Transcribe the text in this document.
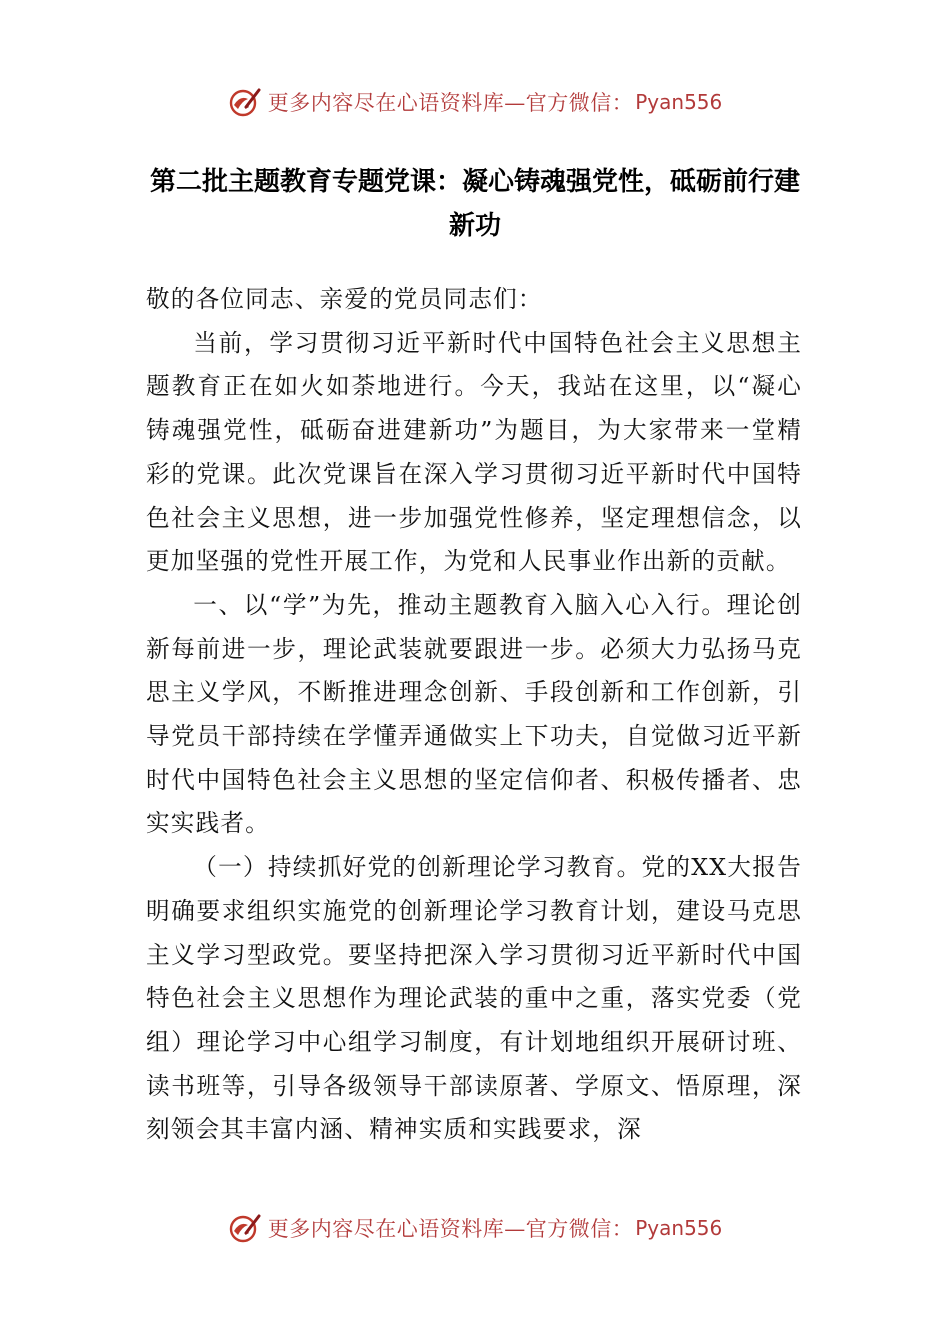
更多内容尽在心语资料库—官方微信： Pyan556
第二批主题教育专题党课：凝心铸魂强党性，砥砺前行建新功

敬的各位同志、亲爱的党员同志们：

当前，学习贯彻习近平新时代中国特色社会主义思想主题教育正在如火如荼地进行。今天，我站在这里，以“凝心铸魂强党性，砥砺奋进建新功”为题目，为大家带来一堂精彩的党课。此次党课旨在深入学习贯彻习近平新时代中国特色社会主义思想，进一步加强党性修养，坚定理想信念，以更加坚强的党性开展工作，为党和人民事业作出新的贡献。

一、以“学”为先，推动主题教育入脑入心入行。理论创新每前进一步，理论武装就要跟进一步。必须大力弘扬马克思主义学风，不断推进理念创新、手段创新和工作创新，引导党员干部持续在学懂弄通做实上下功夫，自觉做习近平新时代中国特色社会主义思想的坚定信仰者、积极传播者、忠实实践者。

（一）持续抓好党的创新理论学习教育。党的XX大报告明确要求组织实施党的创新理论学习教育计划，建设马克思主义学习型政党。要坚持把深入学习贯彻习近平新时代中国特色社会主义思想作为理论武装的重中之重，落实党委（党组）理论学习中心组学习制度，有计划地组织开展研讨班、读书班等，引导各级领导干部读原著、学原文、悟原理，深刻领会其丰富内涵、精神实质和实践要求，深

更多内容尽在心语资料库—官方微信： Pyan556
